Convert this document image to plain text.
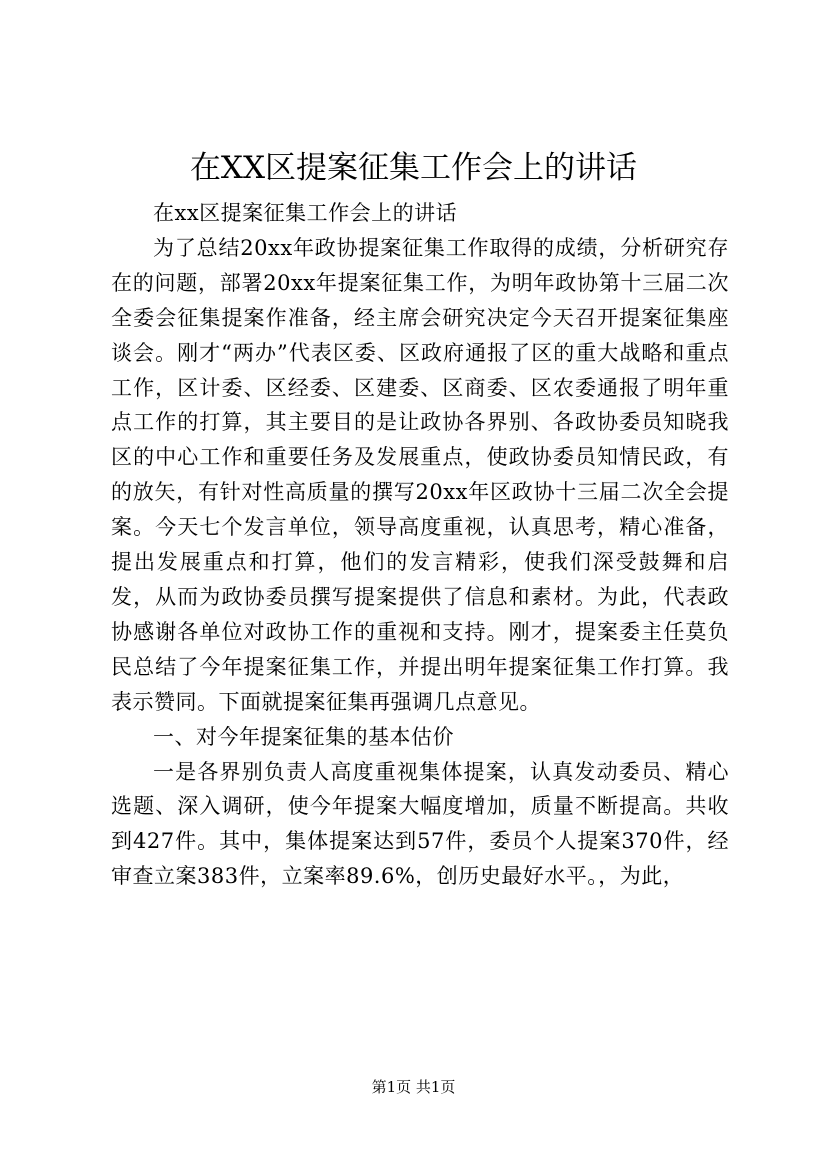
在XX区提案征集工作会上的讲话

在xx区提案征集工作会上的讲话

为了总结20xx年政协提案征集工作取得的成绩，分析研究存在的问题，部署20xx年提案征集工作，为明年政协第十三届二次全委会征集提案作准备，经主席会研究决定今天召开提案征集座谈会。刚才“两办”代表区委、区政府通报了区的重大战略和重点工作，区计委、区经委、区建委、区商委、区农委通报了明年重点工作的打算，其主要目的是让政协各界别、各政协委员知晓我区的中心工作和重要任务及发展重点，使政协委员知情民政，有的放矢，有针对性高质量的撰写20xx年区政协十三届二次全会提案。今天七个发言单位，领导高度重视，认真思考，精心准备，提出发展重点和打算，他们的发言精彩，使我们深受鼓舞和启发，从而为政协委员撰写提案提供了信息和素材。为此，代表政协感谢各单位对政协工作的重视和支持。刚才，提案委主任莫负民总结了今年提案征集工作，并提出明年提案征集工作打算。我表示赞同。下面就提案征集再强调几点意见。

一、对今年提案征集的基本估价

一是各界别负责人高度重视集体提案，认真发动委员、精心选题、深入调研，使今年提案大幅度增加，质量不断提高。共收到427件。其中，集体提案达到57件，委员个人提案370件，经审查立案383件，立案率89.6%，创历史最好水平。，为此，

第1页 共1页
